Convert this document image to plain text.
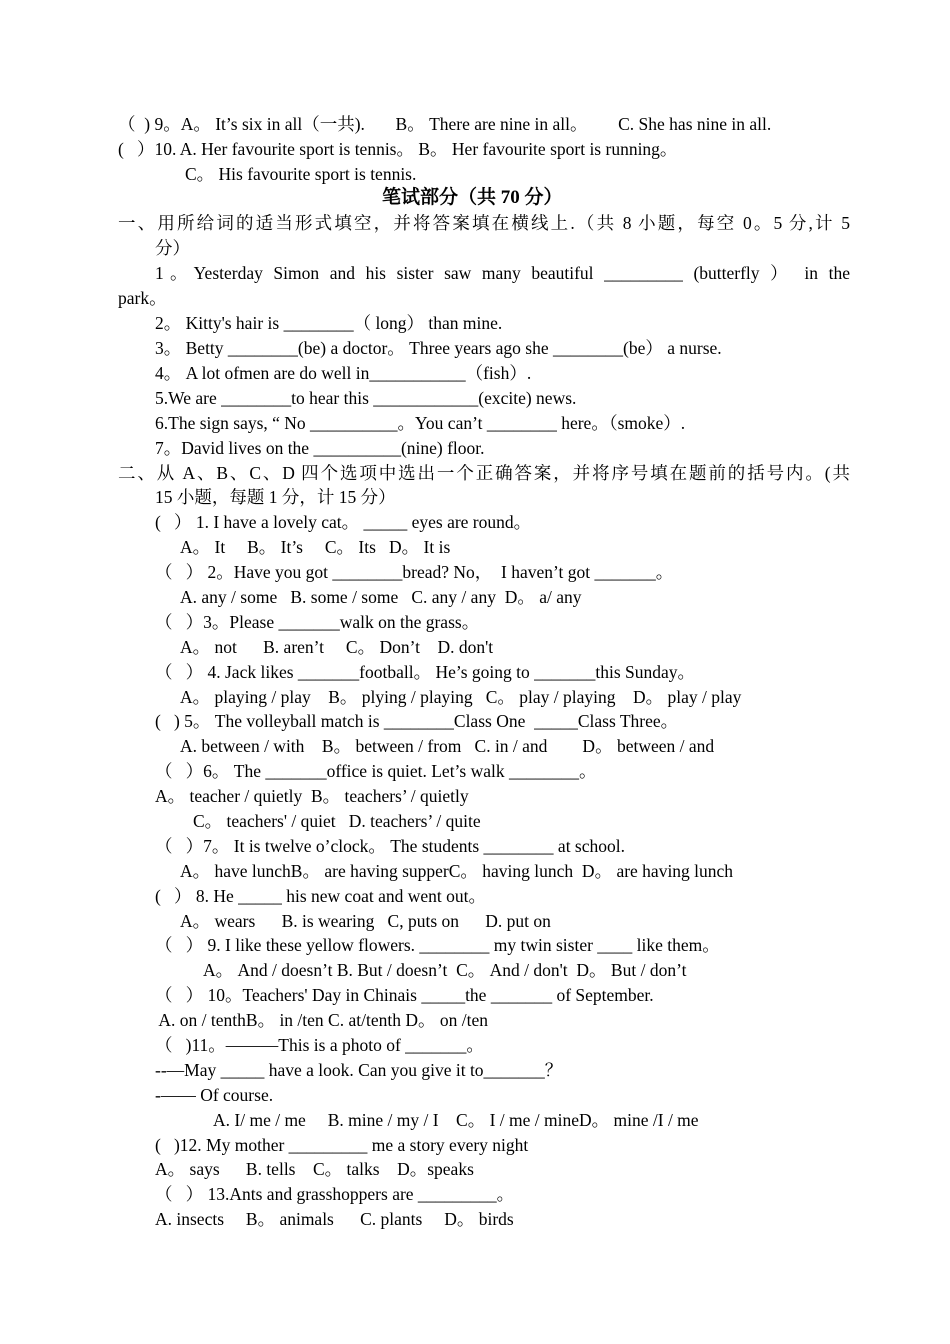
（  ) 9。A。 It’s six in all（一共).       B。 There are nine in all。       C. She has nine in all.
(   ）10. A. Her favourite sport is tennis。 B。 Her favourite sport is running。
C。 His favourite sport is tennis.
笔试部分（共 70 分）
一、用所给词的适当形式填空，并将答案填在横线上.（共 8 小题，每空 0。5 分,计 5
分）
1。Yesterday Simon and his sister saw many beautiful _________ (butterfly ） in the
park。
2。 Kitty's hair is ________（ long） than mine.
3。 Betty ________(be) a doctor。 Three years ago she ________(be） a nurse.
4。 A lot ofmen are do well in___________（fish）.
5.We are ________to hear this ____________(excite) news.
6.The sign says, “ No __________。You can’t ________ here。（smoke）.
7。David lives on the __________(nine) floor.
二、从 A、B、C、D 四个选项中选出一个正确答案，并将序号填在题前的括号内。(共
15 小题，每题 1 分，计 15 分）
(   ） 1. I have a lovely cat。 _____ eyes are round。
A。 It     B。 It’s     C。 Its   D。 It is
（   ） 2。Have you got ________bread? No，  I haven’t got _______。
A. any / some   B. some / some   C. any / any  D。 a/ any
（   ）3。Please _______walk on the grass。
A。 not      B. aren’t     C。 Don’t    D. don't
（   ） 4. Jack likes _______football。 He’s going to _______this Sunday。
A。 playing / play    B。 plying / playing   C。 play / playing    D。 play / play
(   ) 5。 The volleyball match is ________Class One  _____Class Three。
A. between / with    B。 between / from   C. in / and        D。 between / and
（   ）6。 The _______office is quiet. Let’s walk ________。
A。 teacher / quietly  B。 teachers’ / quietly
C。 teachers' / quiet   D. teachers’ / quite
（   ）7。 It is twelve o’clock。 The students ________ at school.
A。 have lunchB。 are having supperC。 having lunch  D。 are having lunch
(   ） 8. He _____ his new coat and went out。
A。 wears      B. is wearing   C, puts on      D. put on
（   ） 9. I like these yellow flowers. ________ my twin sister ____ like them。
A。 And / doesn’t B. But / doesn’t  C。 And / don't  D。 But / don’t
（   ） 10。Teachers' Day in Chinais _____the _______ of September.
A. on / tenthB。 in /ten C. at/tenth D。 on /ten
（   )11。———This is a photo of _______。
--—May _____ have a look. Can you give it to_______？
-—— Of course.
A. I/ me / me     B. mine / my / I    C。 I / me / mineD。 mine /I / me
(   )12. My mother _________ me a story every night
A。 says      B. tells    C。 talks    D。speaks
（   ） 13.Ants and grasshoppers are _________。
A. insects     B。 animals      C. plants     D。 birds
